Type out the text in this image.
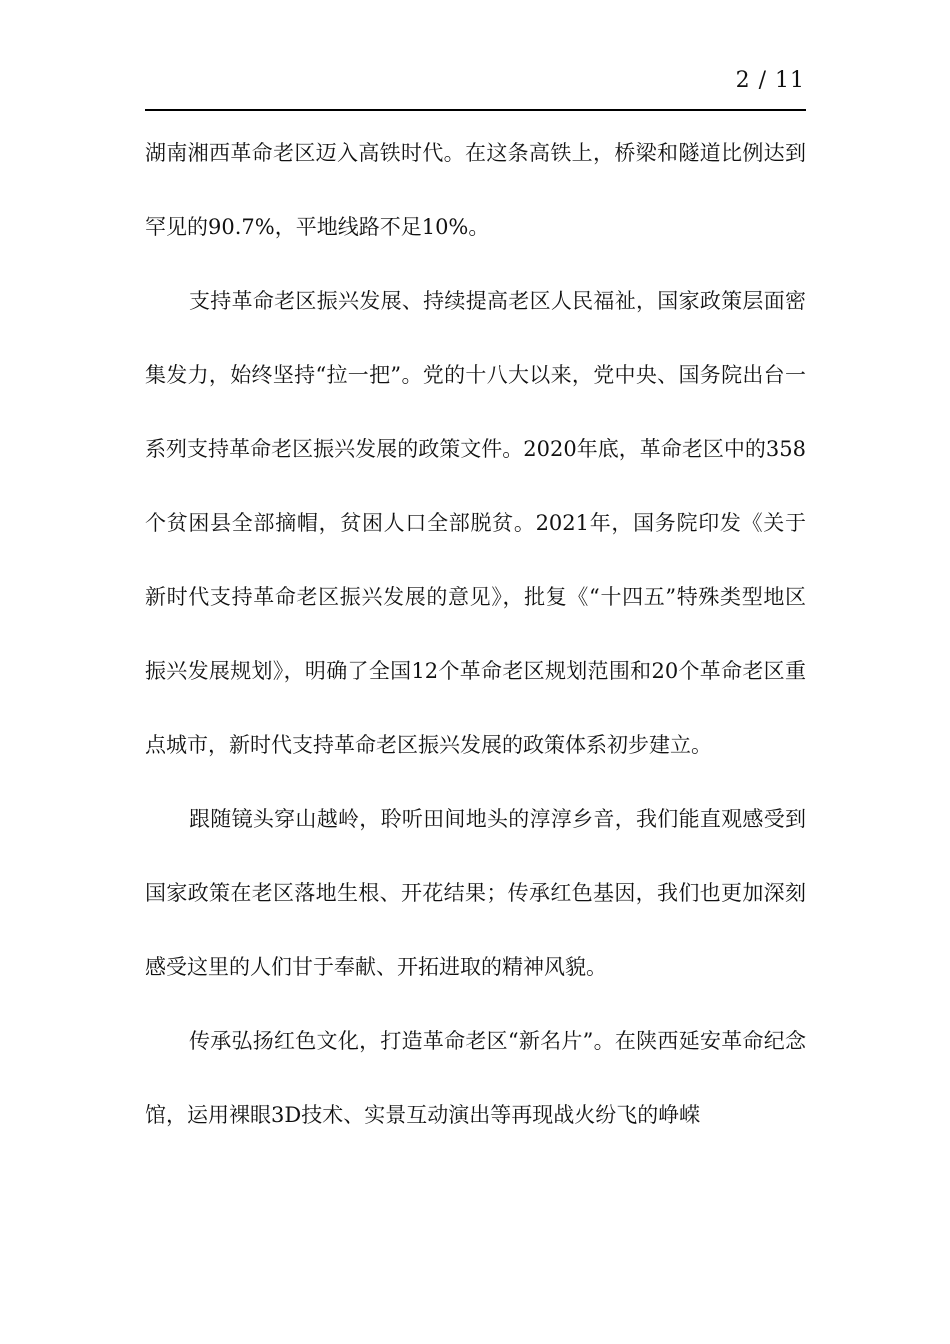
2 / 11

湖南湘西革命老区迈入高铁时代。在这条高铁上，桥梁和隧道比例达到罕见的90.7%，平地线路不足10%。

支持革命老区振兴发展、持续提高老区人民福祉，国家政策层面密集发力，始终坚持“拉一把”。党的十八大以来，党中央、国务院出台一系列支持革命老区振兴发展的政策文件。2020年底，革命老区中的358个贫困县全部摘帽，贫困人口全部脱贫。2021年，国务院印发《关于新时代支持革命老区振兴发展的意见》，批复《“十四五”特殊类型地区振兴发展规划》，明确了全国12个革命老区规划范围和20个革命老区重点城市，新时代支持革命老区振兴发展的政策体系初步建立。

跟随镜头穿山越岭，聆听田间地头的淳淳乡音，我们能直观感受到国家政策在老区落地生根、开花结果；传承红色基因，我们也更加深刻感受这里的人们甘于奉献、开拓进取的精神风貌。

传承弘扬红色文化，打造革命老区“新名片”。在陕西延安革命纪念馆，运用裸眼3D技术、实景互动演出等再现战火纷飞的峥嵘
